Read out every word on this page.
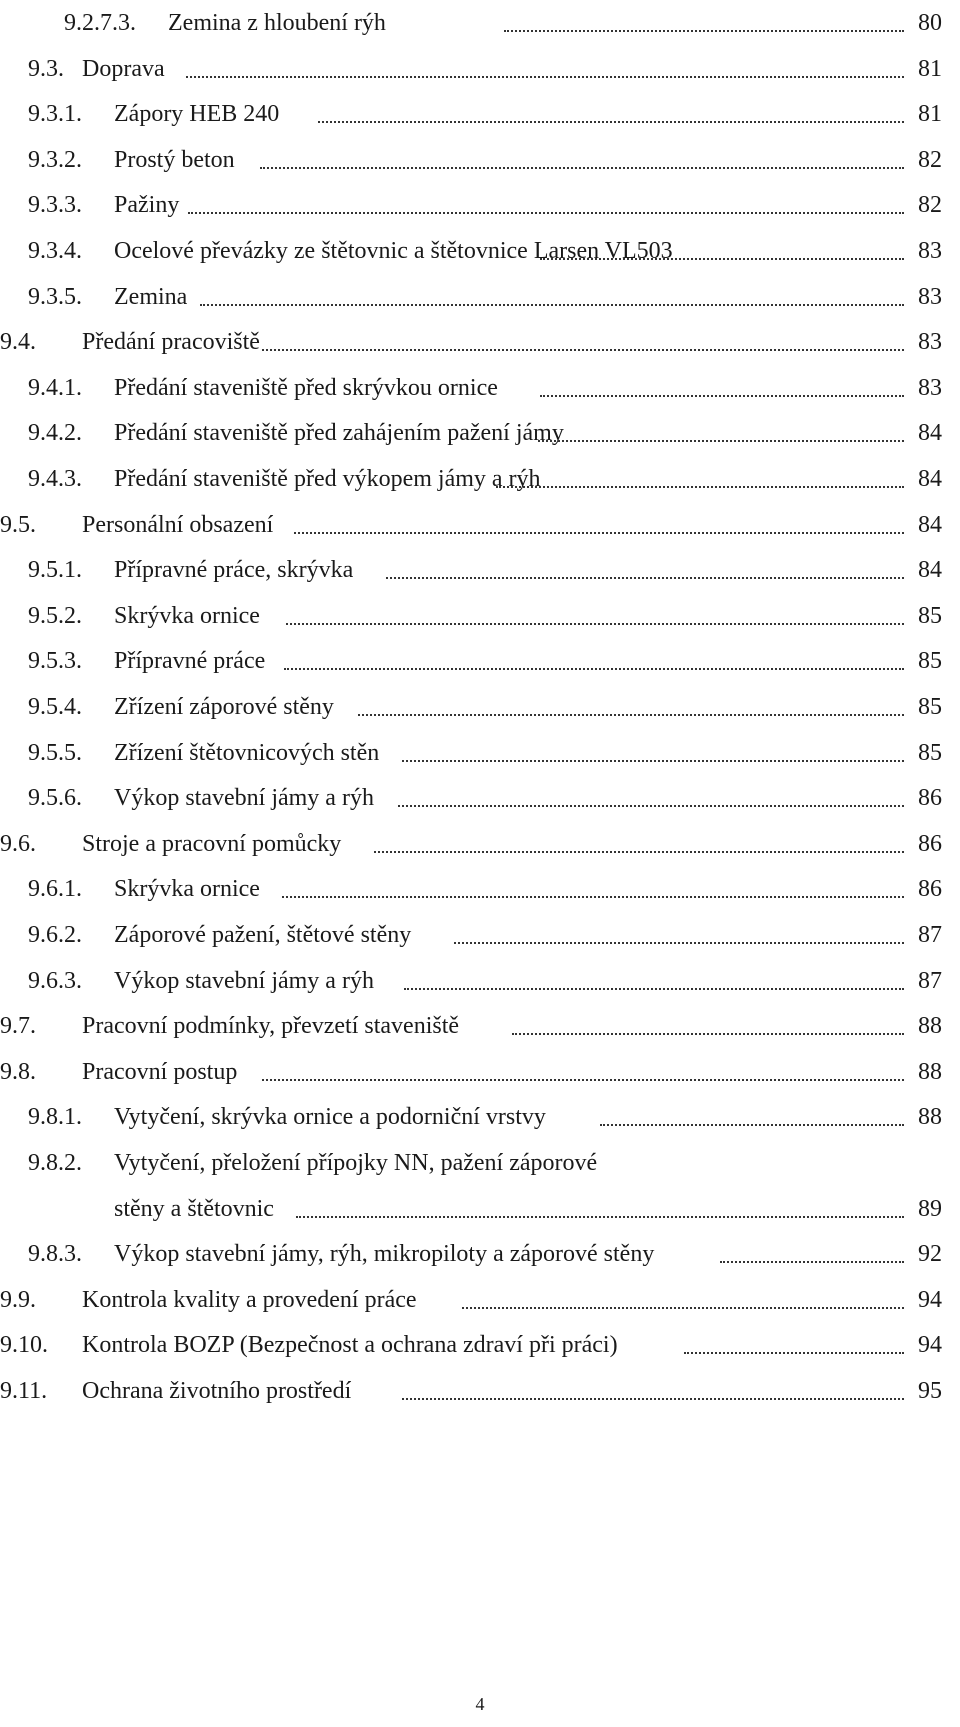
9.2.7.3. Zemina z hloubení rýh	80
9.3. Doprava	81
9.3.1. Zápory HEB 240	81
9.3.2. Prostý beton	82
9.3.3. Pažiny	82
9.3.4. Ocelové převázky ze štětovnic a štětovnice Larsen VL503	83
9.3.5. Zemina	83
9.4. Předání pracoviště	83
9.4.1. Předání staveniště před skrývkou ornice	83
9.4.2. Předání staveniště před zahájením pažení jámy	84
9.4.3. Předání staveniště před výkopem jámy a rýh	84
9.5. Personální obsazení	84
9.5.1. Přípravné práce, skrývka	84
9.5.2. Skrývka ornice	85
9.5.3. Přípravné práce	85
9.5.4. Zřízení záporové stěny	85
9.5.5. Zřízení štětovnicových stěn	85
9.5.6. Výkop stavební jámy a rýh	86
9.6. Stroje a pracovní pomůcky	86
9.6.1. Skrývka ornice	86
9.6.2. Záporové pažení, štětové stěny	87
9.6.3. Výkop stavební jámy a rýh	87
9.7. Pracovní podmínky, převzetí staveniště	88
9.8. Pracovní postup	88
9.8.1. Vytyčení, skrývka ornice a podorniční vrstvy	88
9.8.2. Vytyčení, přeložení přípojky NN, pažení záporové
stěny a štětovnic	89
9.8.3. Výkop stavební jámy, rýh, mikropiloty a záporové stěny	92
9.9. Kontrola kvality a provedení práce	94
9.10. Kontrola BOZP (Bezpečnost a ochrana zdraví při práci)	94
9.11. Ochrana životního prostředí	95
4
